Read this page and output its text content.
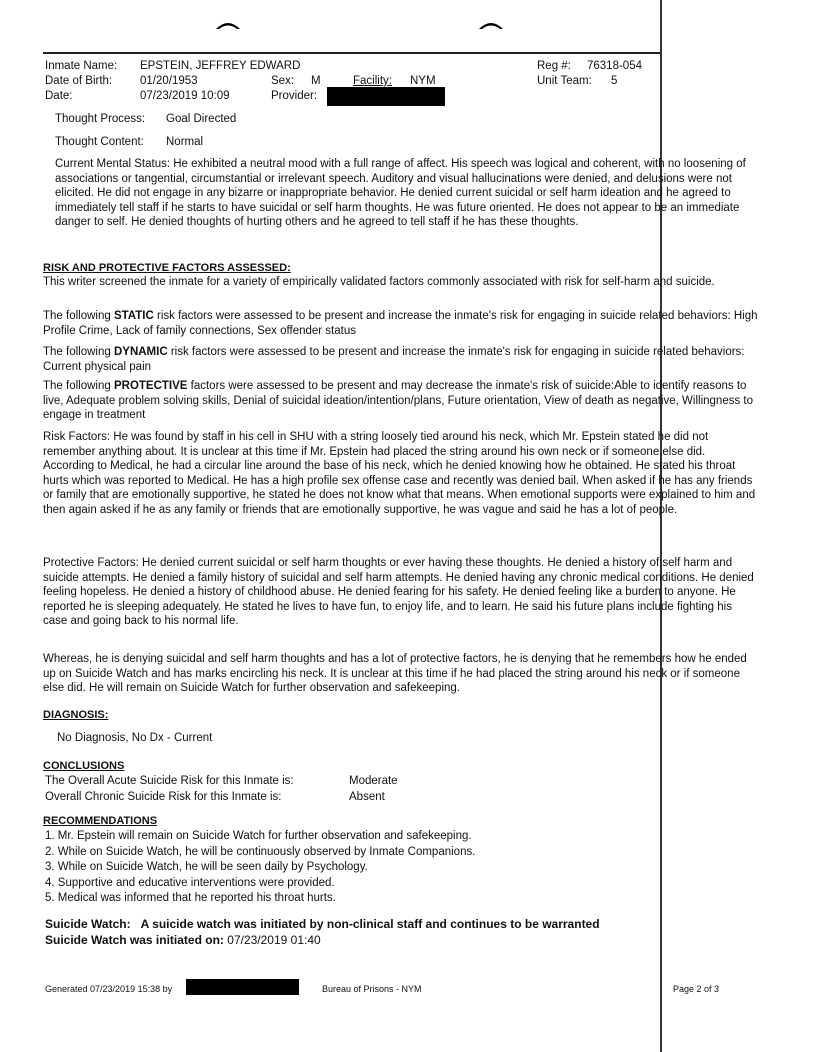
Inmate Name: EPSTEIN, JEFFREY EDWARD
Date of Birth: 01/20/1953	Sex: M	Facility: NYM
Date:	07/23/2019 10:09	Provider:
Reg #: 76318-054
Unit Team: 5
Thought Process: Goal Directed
Thought Content: Normal
Current Mental Status: He exhibited a neutral mood with a full range of affect. His speech was logical and coherent, with no loosening of associations or tangential, circumstantial or irrelevant speech. Auditory and visual hallucinations were denied, and delusions were not elicited. He did not engage in any bizarre or inappropriate behavior. He denied current suicidal or self harm ideation and he agreed to immediately tell staff if he starts to have suicidal or self harm thoughts. He was future oriented. He does not appear to be an immediate danger to self. He denied thoughts of hurting others and he agreed to tell staff if he has these thoughts.
RISK AND PROTECTIVE FACTORS ASSESSED:
This writer screened the inmate for a variety of empirically validated factors commonly associated with risk for self-harm and suicide.
The following STATIC risk factors were assessed to be present and increase the inmate's risk for engaging in suicide related behaviors: High Profile Crime, Lack of family connections, Sex offender status
The following DYNAMIC risk factors were assessed to be present and increase the inmate's risk for engaging in suicide related behaviors: Current physical pain
The following PROTECTIVE factors were assessed to be present and may decrease the inmate's risk of suicide:Able to identify reasons to live, Adequate problem solving skills, Denial of suicidal ideation/intention/plans, Future orientation, View of death as negative, Willingness to engage in treatment
Risk Factors: He was found by staff in his cell in SHU with a string loosely tied around his neck, which Mr. Epstein stated he did not remember anything about. It is unclear at this time if Mr. Epstein had placed the string around his own neck or if someone else did. According to Medical, he had a circular line around the base of his neck, which he denied knowing how he obtained. He stated his throat hurts which was reported to Medical. He has a high profile sex offense case and recently was denied bail. When asked if he has any friends or family that are emotionally supportive, he stated he does not know what that means. When emotional supports were explained to him and then again asked if he as any family or friends that are emotionally supportive, he was vague and said he has a lot of people.
Protective Factors: He denied current suicidal or self harm thoughts or ever having these thoughts. He denied a history of self harm and suicide attempts. He denied a family history of suicidal and self harm attempts. He denied having any chronic medical conditions. He denied feeling hopeless. He denied a history of childhood abuse. He denied fearing for his safety. He denied feeling like a burden to anyone. He reported he is sleeping adequately. He stated he lives to have fun, to enjoy life, and to learn. He said his future plans include fighting his case and going back to his normal life.
Whereas, he is denying suicidal and self harm thoughts and has a lot of protective factors, he is denying that he remembers how he ended up on Suicide Watch and has marks encircling his neck. It is unclear at this time if he had placed the string around his neck or if someone else did. He will remain on Suicide Watch for further observation and safekeeping.
DIAGNOSIS:
No Diagnosis, No Dx - Current
CONCLUSIONS
The Overall Acute Suicide Risk for this Inmate is:	Moderate
Overall Chronic Suicide Risk for this Inmate is:	Absent
RECOMMENDATIONS
1. Mr. Epstein will remain on Suicide Watch for further observation and safekeeping.
2. While on Suicide Watch, he will be continuously observed by Inmate Companions.
3. While on Suicide Watch, he will be seen daily by Psychology.
4. Supportive and educative interventions were provided.
5. Medical was informed that he reported his throat hurts.
Suicide Watch: A suicide watch was initiated by non-clinical staff and continues to be warranted
Suicide Watch was initiated on: 07/23/2019 01:40
Generated 07/23/2019 15:38 by	Bureau of Prisons - NYM	Page 2 of 3
